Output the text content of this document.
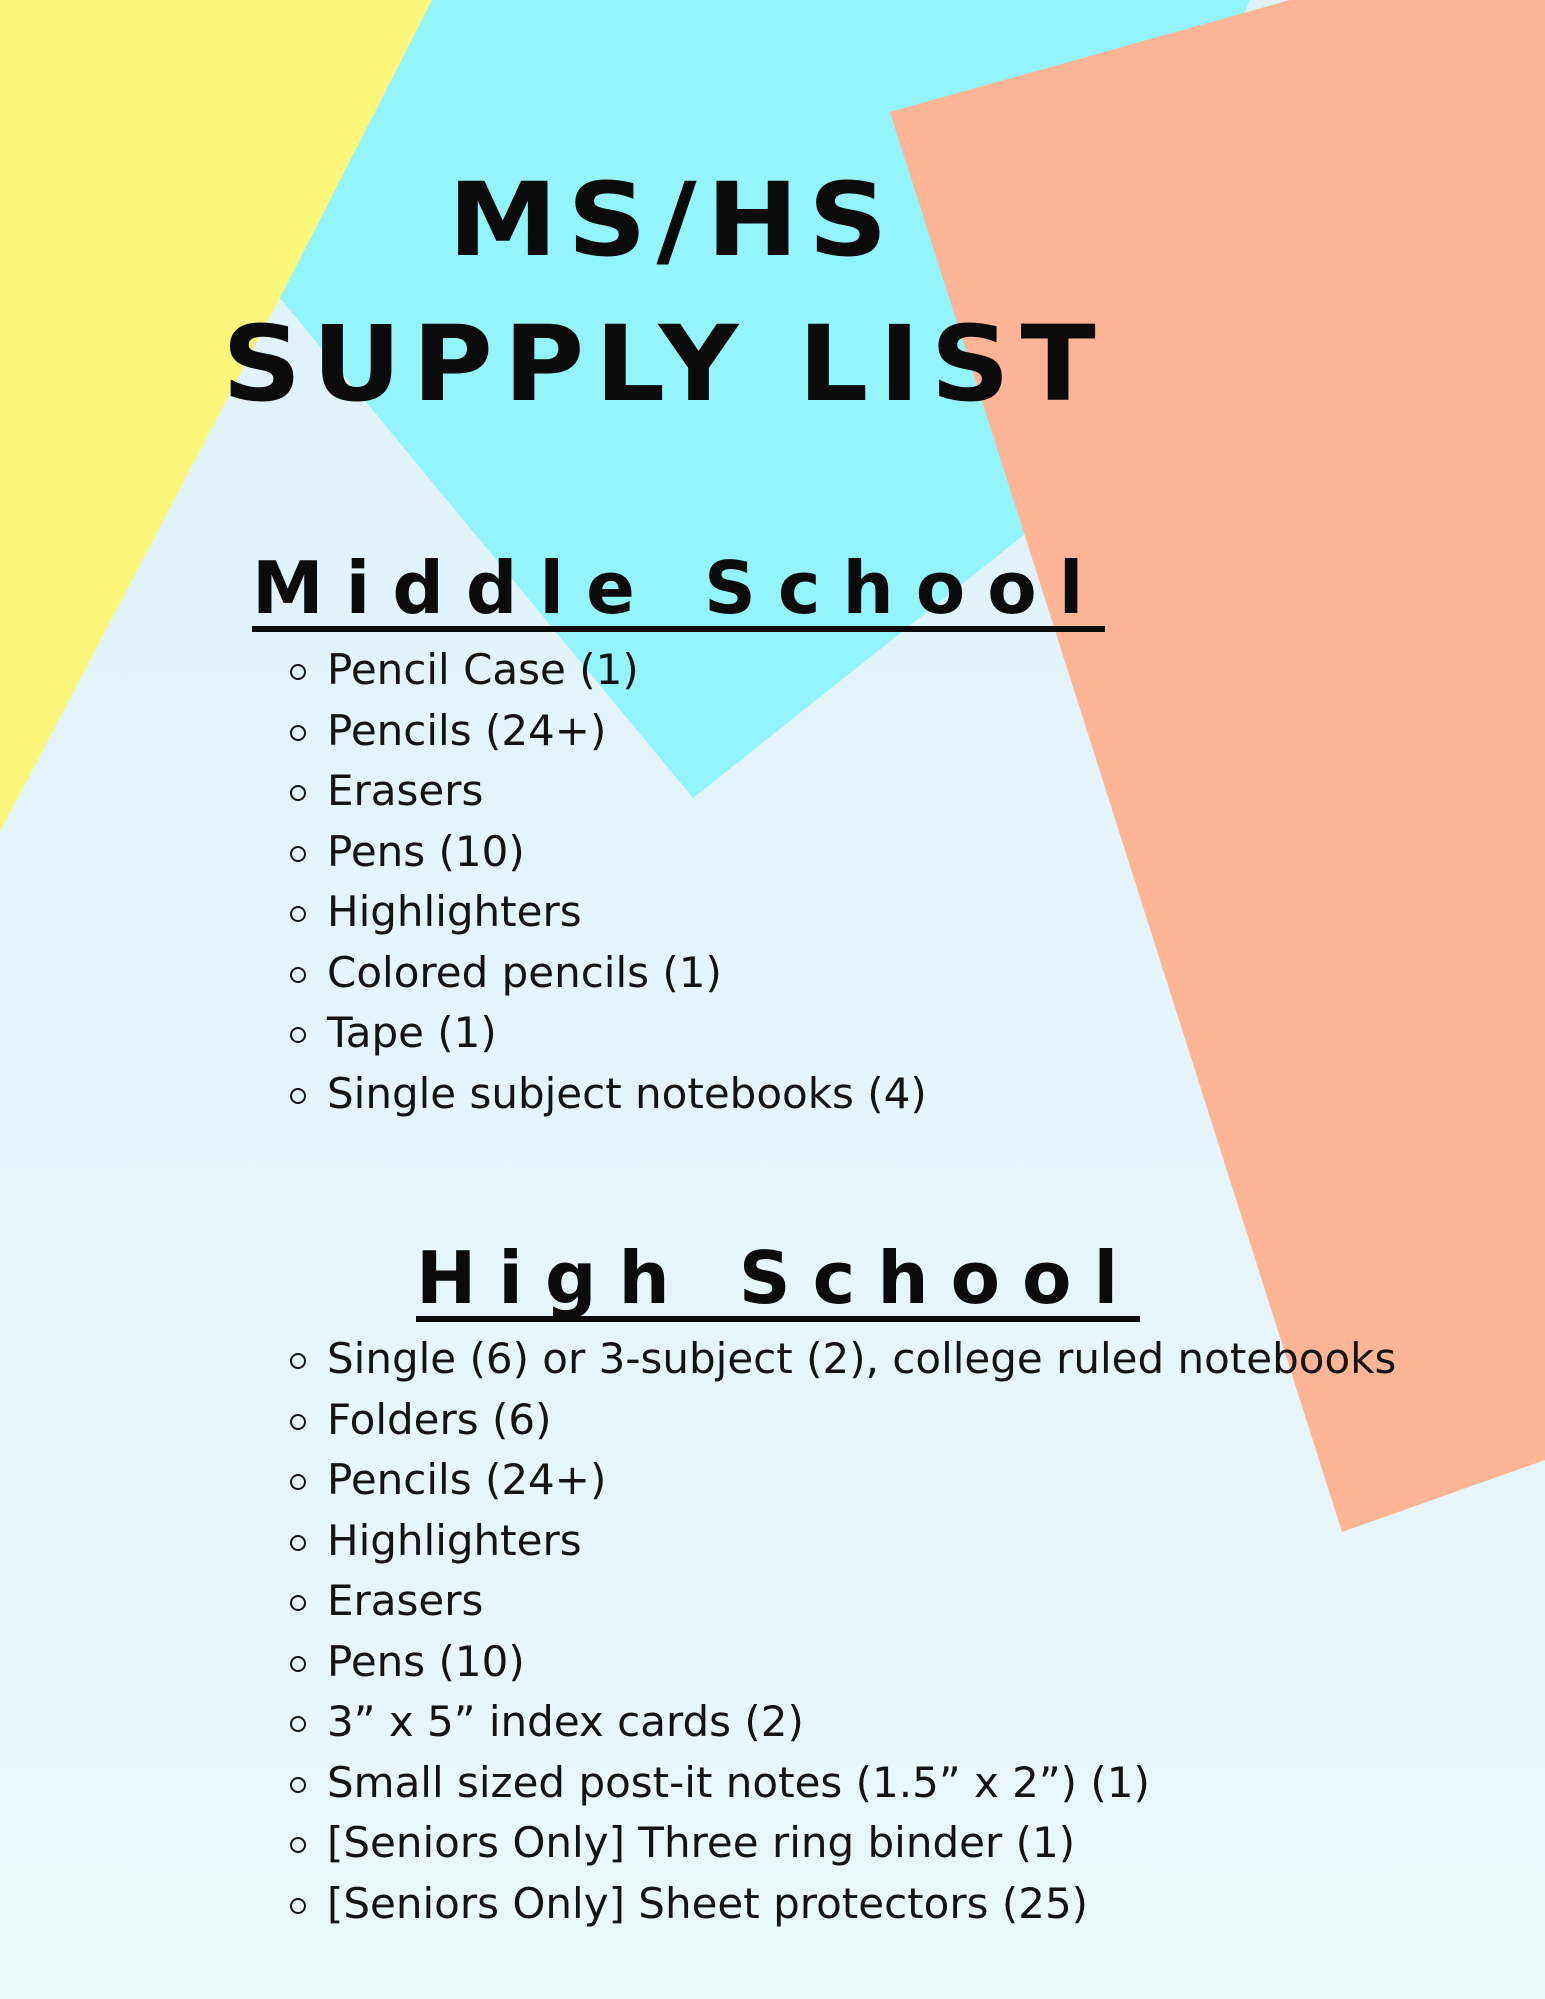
MS/HS
SUPPLY LIST
Middle School
Pencil Case (1)
Pencils (24+)
Erasers
Pens (10)
Highlighters
Colored pencils (1)
Tape (1)
Single subject notebooks (4)
High School
Single (6) or 3-subject (2), college ruled notebooks
Folders (6)
Pencils (24+)
Highlighters
Erasers
Pens (10)
3” x 5” index cards (2)
Small sized post-it notes (1.5” x 2”) (1)
[Seniors Only] Three ring binder (1)
[Seniors Only] Sheet protectors (25)
